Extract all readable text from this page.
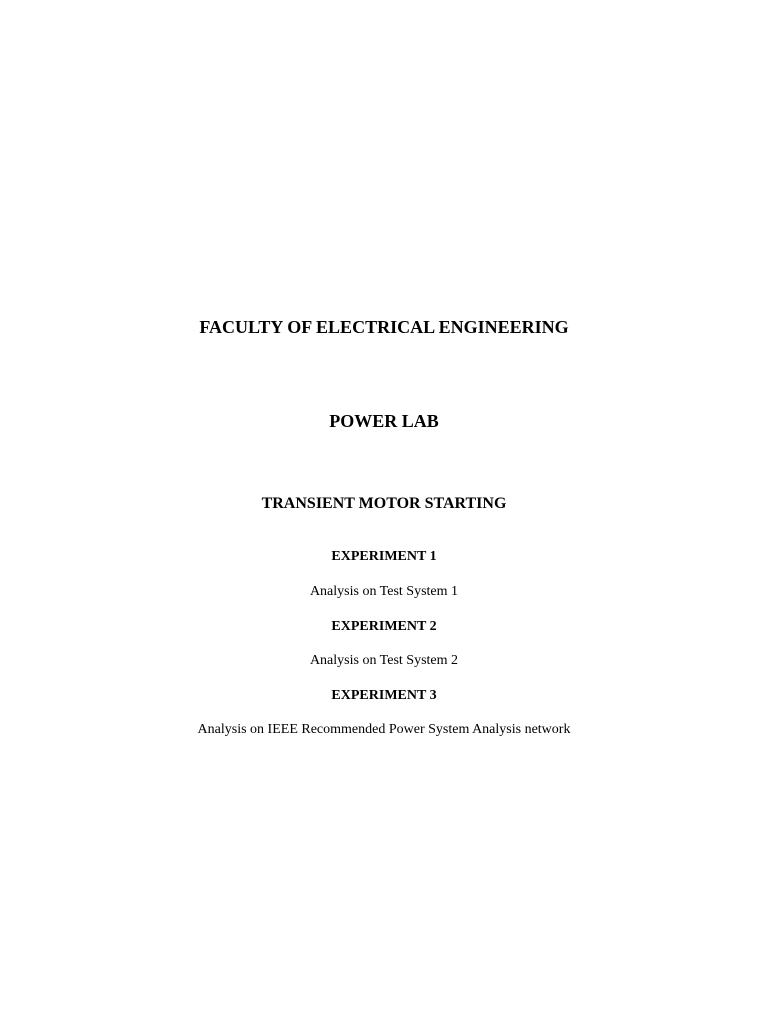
FACULTY OF ELECTRICAL ENGINEERING
POWER LAB
TRANSIENT MOTOR STARTING
EXPERIMENT 1
Analysis on Test System 1
EXPERIMENT 2
Analysis on Test System 2
EXPERIMENT 3
Analysis on IEEE Recommended Power System Analysis network
